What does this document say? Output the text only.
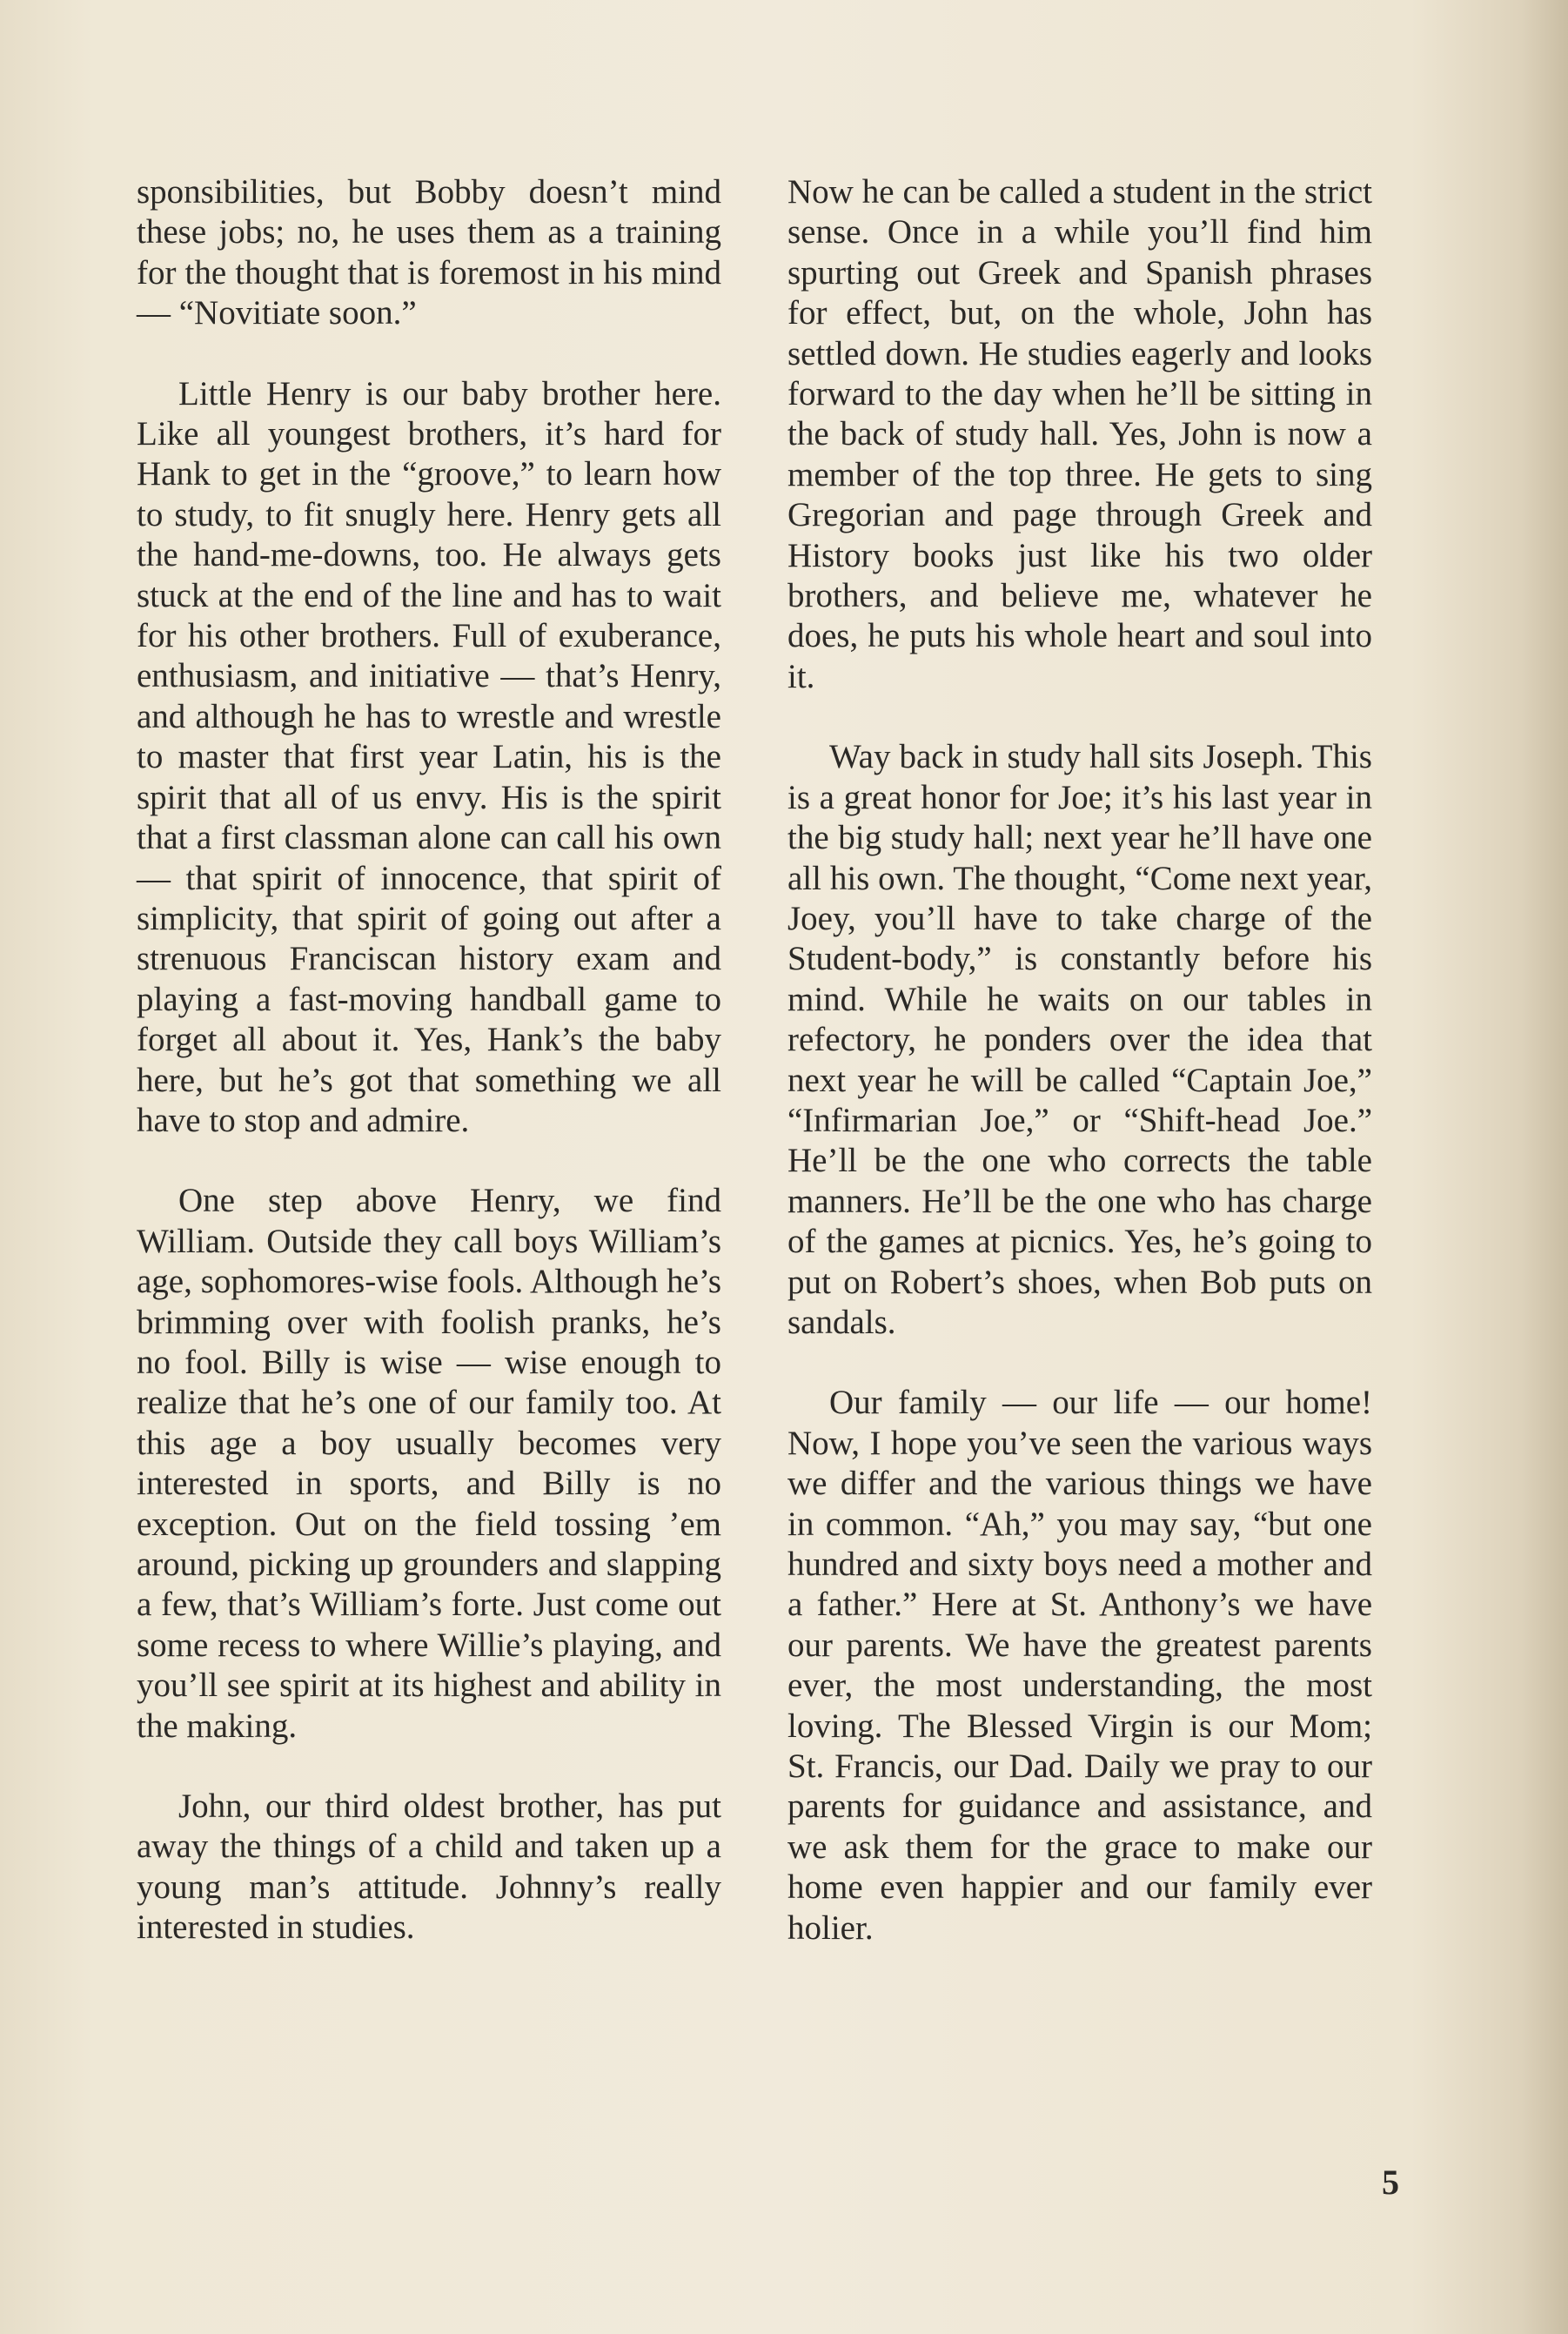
sponsibilities, but Bobby doesn’t mind these jobs; no, he uses them as a training for the thought that is foremost in his mind — “Novitiate soon.”

Little Henry is our baby brother here. Like all youngest brothers, it’s hard for Hank to get in the “groove,” to learn how to study, to fit snugly here. Henry gets all the hand-me-downs, too. He always gets stuck at the end of the line and has to wait for his other brothers. Full of exuberance, enthusiasm, and initiative — that’s Henry, and although he has to wrestle and wrestle to master that first year Latin, his is the spirit that all of us envy. His is the spirit that a first classman alone can call his own — that spirit of innocence, that spirit of simplicity, that spirit of going out after a strenuous Franciscan history exam and playing a fast-moving handball game to forget all about it. Yes, Hank’s the baby here, but he’s got that something we all have to stop and admire.

One step above Henry, we find William. Outside they call boys William’s age, sophomores-wise fools. Although he’s brimming over with foolish pranks, he’s no fool. Billy is wise — wise enough to realize that he’s one of our family too. At this age a boy usually becomes very interested in sports, and Billy is no exception. Out on the field tossing ’em around, picking up grounders and slapping a few, that’s William’s forte. Just come out some recess to where Willie’s playing, and you’ll see spirit at its highest and ability in the making.

John, our third oldest brother, has put away the things of a child and taken up a young man’s attitude. Johnny’s really interested in studies.

Now he can be called a student in the strict sense. Once in a while you’ll find him spurting out Greek and Spanish phrases for effect, but, on the whole, John has settled down. He studies eagerly and looks forward to the day when he’ll be sitting in the back of study hall. Yes, John is now a member of the top three. He gets to sing Gregorian and page through Greek and History books just like his two older brothers, and believe me, whatever he does, he puts his whole heart and soul into it.

Way back in study hall sits Joseph. This is a great honor for Joe; it’s his last year in the big study hall; next year he’ll have one all his own. The thought, “Come next year, Joey, you’ll have to take charge of the Student-body,” is constantly before his mind. While he waits on our tables in refectory, he ponders over the idea that next year he will be called “Captain Joe,” “Infirmarian Joe,” or “Shift-head Joe.” He’ll be the one who corrects the table manners. He’ll be the one who has charge of the games at picnics. Yes, he’s going to put on Robert’s shoes, when Bob puts on sandals.

Our family — our life — our home! Now, I hope you’ve seen the various ways we differ and the various things we have in common. “Ah,” you may say, “but one hundred and sixty boys need a mother and a father.” Here at St. Anthony’s we have our parents. We have the greatest parents ever, the most understanding, the most loving. The Blessed Virgin is our Mom; St. Francis, our Dad. Daily we pray to our parents for guidance and assistance, and we ask them for the grace to make our home even happier and our family ever holier.

5
